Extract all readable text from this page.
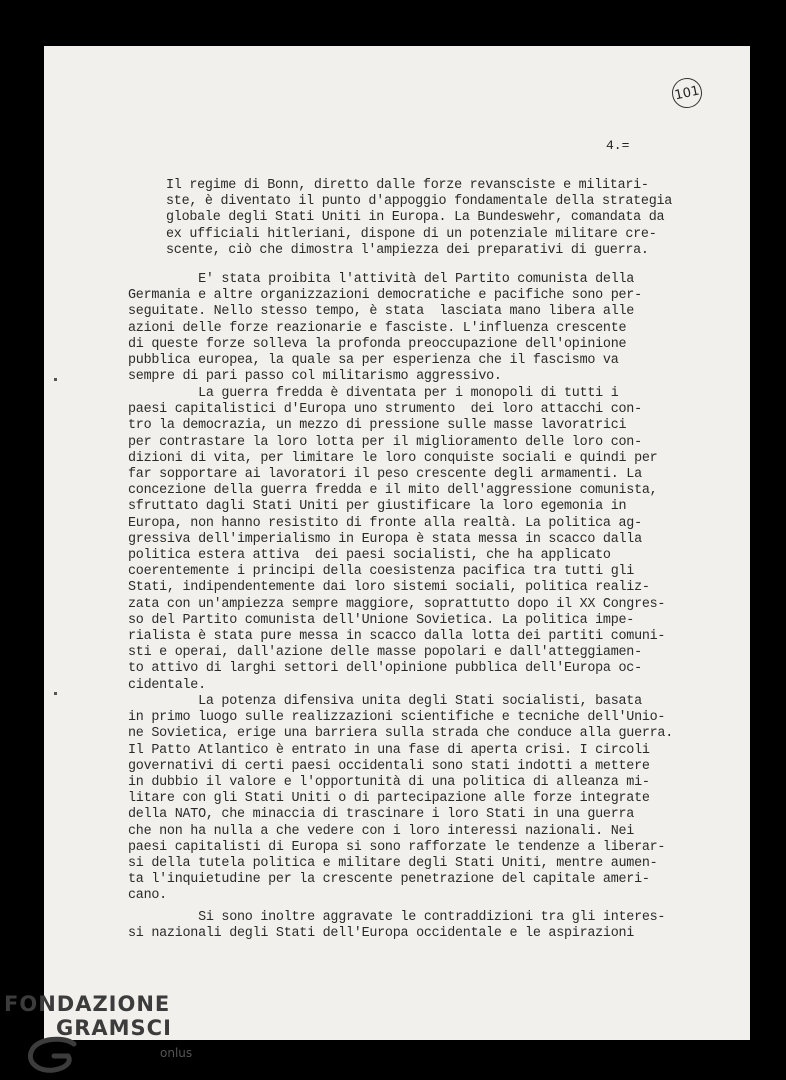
101
4.=
Il regime di Bonn, diretto dalle forze revansciste e militari-
ste, è diventato il punto d'appoggio fondamentale della strategia
globale degli Stati Uniti in Europa. La Bundeswehr, comandata da
ex ufficiali hitleriani, dispone di un potenziale militare cre-
scente, ciò che dimostra l'ampiezza dei preparativi di guerra.
E' stata proibita l'attività del Partito comunista della
Germania e altre organizzazioni democratiche e pacifiche sono per-
seguitate. Nello stesso tempo, è stata  lasciata mano libera alle
azioni delle forze reazionarie e fasciste. L'influenza crescente
di queste forze solleva la profonda preoccupazione dell'opinione
pubblica europea, la quale sa per esperienza che il fascismo va
sempre di pari passo col militarismo aggressivo.
La guerra fredda è diventata per i monopoli di tutti i
paesi capitalistici d'Europa uno strumento  dei loro attacchi con-
tro la democrazia, un mezzo di pressione sulle masse lavoratrici
per contrastare la loro lotta per il miglioramento delle loro con-
dizioni di vita, per limitare le loro conquiste sociali e quindi per
far sopportare ai lavoratori il peso crescente degli armamenti. La
concezione della guerra fredda e il mito dell'aggressione comunista,
sfruttato dagli Stati Uniti per giustificare la loro egemonia in
Europa, non hanno resistito di fronte alla realtà. La politica ag-
gressiva dell'imperialismo in Europa è stata messa in scacco dalla
politica estera attiva  dei paesi socialisti, che ha applicato
coerentemente i principi della coesistenza pacifica tra tutti gli
Stati, indipendentemente dai loro sistemi sociali, politica realiz-
zata con un'ampiezza sempre maggiore, soprattutto dopo il XX Congres-
so del Partito comunista dell'Unione Sovietica. La politica impe-
rialista è stata pure messa in scacco dalla lotta dei partiti comuni-
sti e operai, dall'azione delle masse popolari e dall'atteggiamen-
to attivo di larghi settori dell'opinione pubblica dell'Europa oc-
cidentale.
La potenza difensiva unita degli Stati socialisti, basata
in primo luogo sulle realizzazioni scientifiche e tecniche dell'Unio-
ne Sovietica, erige una barriera sulla strada che conduce alla guerra.
Il Patto Atlantico è entrato in una fase di aperta crisi. I circoli
governativi di certi paesi occidentali sono stati indotti a mettere
in dubbio il valore e l'opportunità di una politica di alleanza mi-
litare con gli Stati Uniti o di partecipazione alle forze integrate
della NATO, che minaccia di trascinare i loro Stati in una guerra
che non ha nulla a che vedere con i loro interessi nazionali. Nei
paesi capitalisti di Europa si sono rafforzate le tendenze a liberar-
si della tutela politica e militare degli Stati Uniti, mentre aumen-
ta l'inquietudine per la crescente penetrazione del capitale ameri-
cano.
Si sono inoltre aggravate le contraddizioni tra gli interes-
si nazionali degli Stati dell'Europa occidentale e le aspirazioni
FONDAZIONE
GRAMSCI
onlus
